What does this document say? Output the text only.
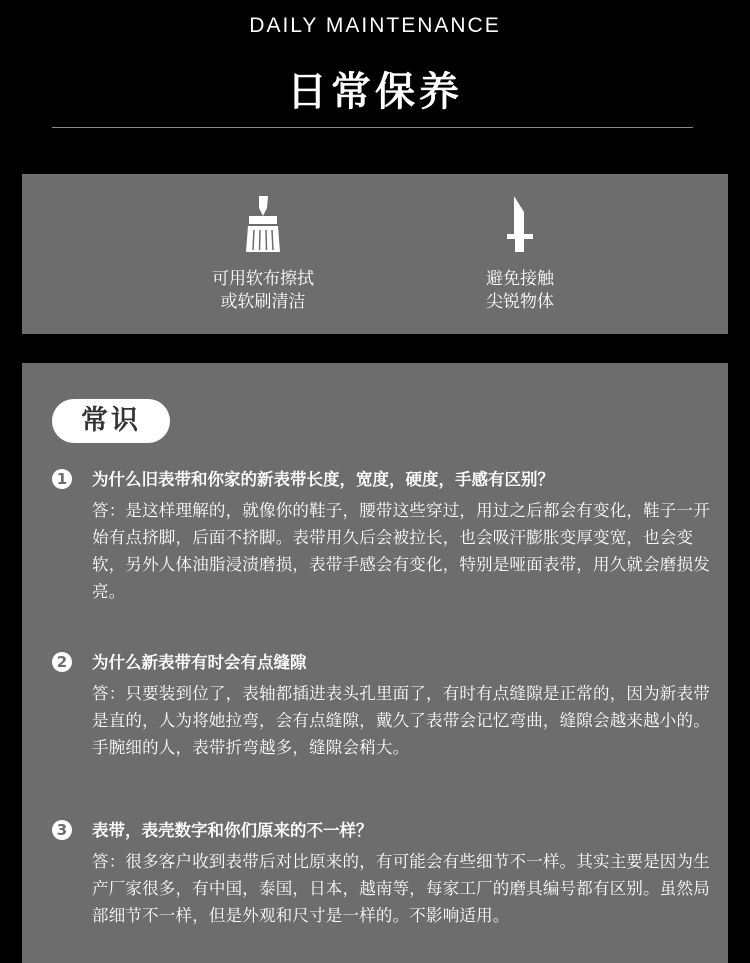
DAILY MAINTENANCE
日常保养
可用软布擦拭
或软刷清洁
避免接触
尖锐物体
常识
1 为什么旧表带和你家的新表带长度，宽度，硬度，手感有区别？
答：是这样理解的，就像你的鞋子，腰带这些穿过，用过之后都会有变化，鞋子一开始有点挤脚，后面不挤脚。表带用久后会被拉长，也会吸汗膨胀变厚变宽，也会变软，另外人体油脂浸渍磨损，表带手感会有变化，特别是哑面表带，用久就会磨损发亮。
2 为什么新表带有时会有点缝隙
答：只要装到位了，表轴都插进表头孔里面了，有时有点缝隙是正常的，因为新表带是直的，人为将她拉弯，会有点缝隙，戴久了表带会记忆弯曲，缝隙会越来越小的。手腕细的人，表带折弯越多，缝隙会稍大。
3 表带，表壳数字和你们原来的不一样？
答：很多客户收到表带后对比原来的，有可能会有些细节不一样。其实主要是因为生产厂家很多，有中国，泰国，日本，越南等，每家工厂的磨具编号都有区别。虽然局部细节不一样，但是外观和尺寸是一样的。不影响适用。
